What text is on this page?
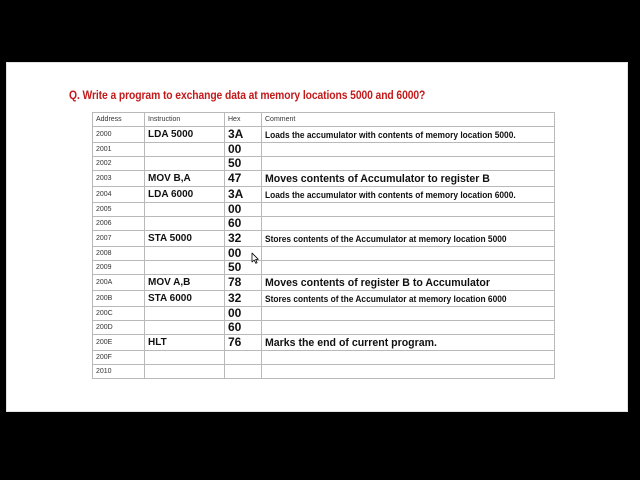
Q. Write a program to exchange data at memory locations 5000 and 6000?
Address	Instruction	Hex	Comment
2000	LDA 5000	3A	Loads the accumulator with contents of memory location 5000.
2001		00	
2002		50	
2003	MOV B,A	47	Moves contents of Accumulator to register B
2004	LDA 6000	3A	Loads the accumulator with contents of memory location 6000.
2005		00	
2006		60	
2007	STA 5000	32	Stores contents of the Accumulator at memory location 5000
2008		00	
2009		50	
200A	MOV A,B	78	Moves contents of register B to Accumulator
200B	STA 6000	32	Stores contents of the Accumulator at memory location 6000
200C		00	
200D		60	
200E	HLT	76	Marks the end of current program.
200F			
2010			
